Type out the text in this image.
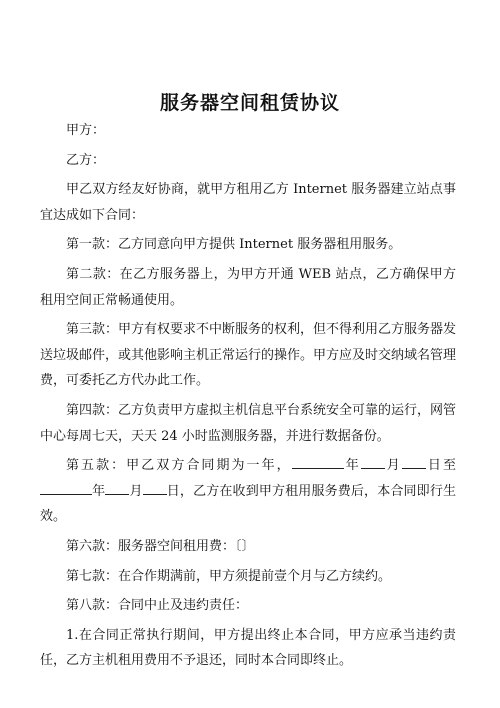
服务器空间租赁协议

甲方：

乙方：

甲乙双方经友好协商，就甲方租用乙方 Internet 服务器建立站点事宜达成如下合同：

第一款：乙方同意向甲方提供 Internet 服务器租用服务。

第二款：在乙方服务器上，为甲方开通 WEB 站点，乙方确保甲方租用空间正常畅通使用。

第三款：甲方有权要求不中断服务的权利，但不得利用乙方服务器发送垃圾邮件，或其他影响主机正常运行的操作。甲方应及时交纳域名管理费，可委托乙方代办此工作。

第四款：乙方负责甲方虚拟主机信息平台系统安全可靠的运行，网管中心每周七天，天天 24 小时监测服务器，并进行数据备份。

第五款：甲乙双方合同期为一年，	年 月 日至年 月 日，乙方在收到甲方租用服务费后，本合同即行生效。

第六款：服务器空间租用费：〔〕

第七款：在合作期满前，甲方须提前壹个月与乙方续约。

第八款：合同中止及违约责任：

1.在合同正常执行期间，甲方提出终止本合同，甲方应承当违约责任，乙方主机租用费用不予退还，同时本合同即终止。
